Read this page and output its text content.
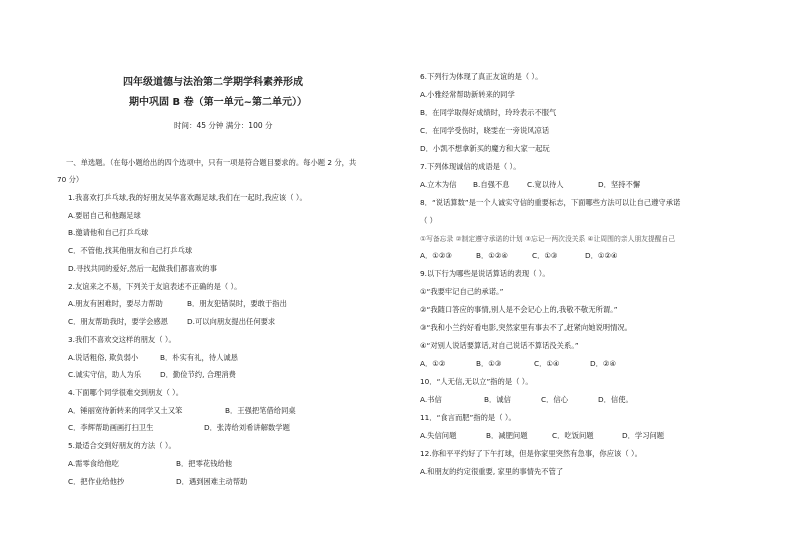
四年级道德与法治第二学期学科素养形成
期中巩固 B 卷（第一单元~第二单元））
时间：45 分钟 满分：100 分
一、单选题。（在每小题给出的四个选项中，只有一项是符合题目要求的。每小题 2 分，共
70 分）
1.我喜欢打乒乓球,我的好朋友吴华喜欢踢足球,我们在一起时,我应该（ ）。
A.要屈自己和他踢足球
B.邀请他和自己打乒乓球
C．不管他,找其他朋友和自己打乒乓球
D.寻找共同的爱好,然后一起做我们都喜欢的事
2.友谊来之不易，下列关于友谊表述不正确的是（ ）。
A.朋友有困难时，要尽力帮助	B．朋友犯错误时，要敢于指出
C．朋友帮助我时，要学会感恩	D.可以向朋友提出任何要求
3.我们不喜欢交这样的朋友（ ）。
A.说话粗俗, 欺负弱小	B．朴实有礼，待人诚恳
C.诚实守信，助人为乐	D．勤俭节约, 合理消费
4.下面哪个同学很难交到朋友（ ）。
A．锤丽宽待新转来的同学又土又笨	B．王强把笔借给同桌
C．李辉帮助画画打扫卫生	D．张涛给刘希讲解数学题
5.最适合交到好朋友的方法（ ）。
A.需零食给他吃	B．把零花钱给他
C．把作业给他抄	D．遇到困难主动帮助
6.下列行为体现了真正友谊的是（ ）。
A.小雅经常帮助新转来的同学
B．在同学取得好成绩时，玲玲表示不服气
C．在同学受伤时，晓雯在一旁说风凉话
D．小凯不想拿新买的魔方和大家一起玩
7.下列体现诚信的成语是（ ）。
A.立木为信 B.自强不息 C.宽以待人	D．坚持不懈
8．“说话算数”是一个人诚实守信的重要标志，下面哪些方法可以让自己遵守承诺
（ ）
①写备忘录 ②制定遵守承诺的计划 ③忘记一两次没关系 ④让周围的亲人朋友提醒自己
A．①②③	B．①②④	C．①③	D．①②④
9.以下行为哪些是说话算话的表现（ ）。
①“我要牢记自己的承诺。”
②“我随口答应的事情,别人是不会记心上的,我敬不敬无所谓。”
③“我和小兰约好看电影,突然家里有事去不了,赶紧向她说明情况。
④“对别人说话要算话,对自己说话不算话没关系。”
A．①②	B．①③	C．①④	D．②④
10．“人无信,无以立”指的是（ ）。
A.书信	B．诚信	C．信心	D．信使。
11．“食言而肥”指的是（ ）。
A.失信问题	B．减肥问题	C．吃饭问题	D．学习问题
12.你和平平约好了下午打球，但是你家里突然有急事，你应该（ ）。
A.和朋友的约定很重要, 家里的事情先不管了
